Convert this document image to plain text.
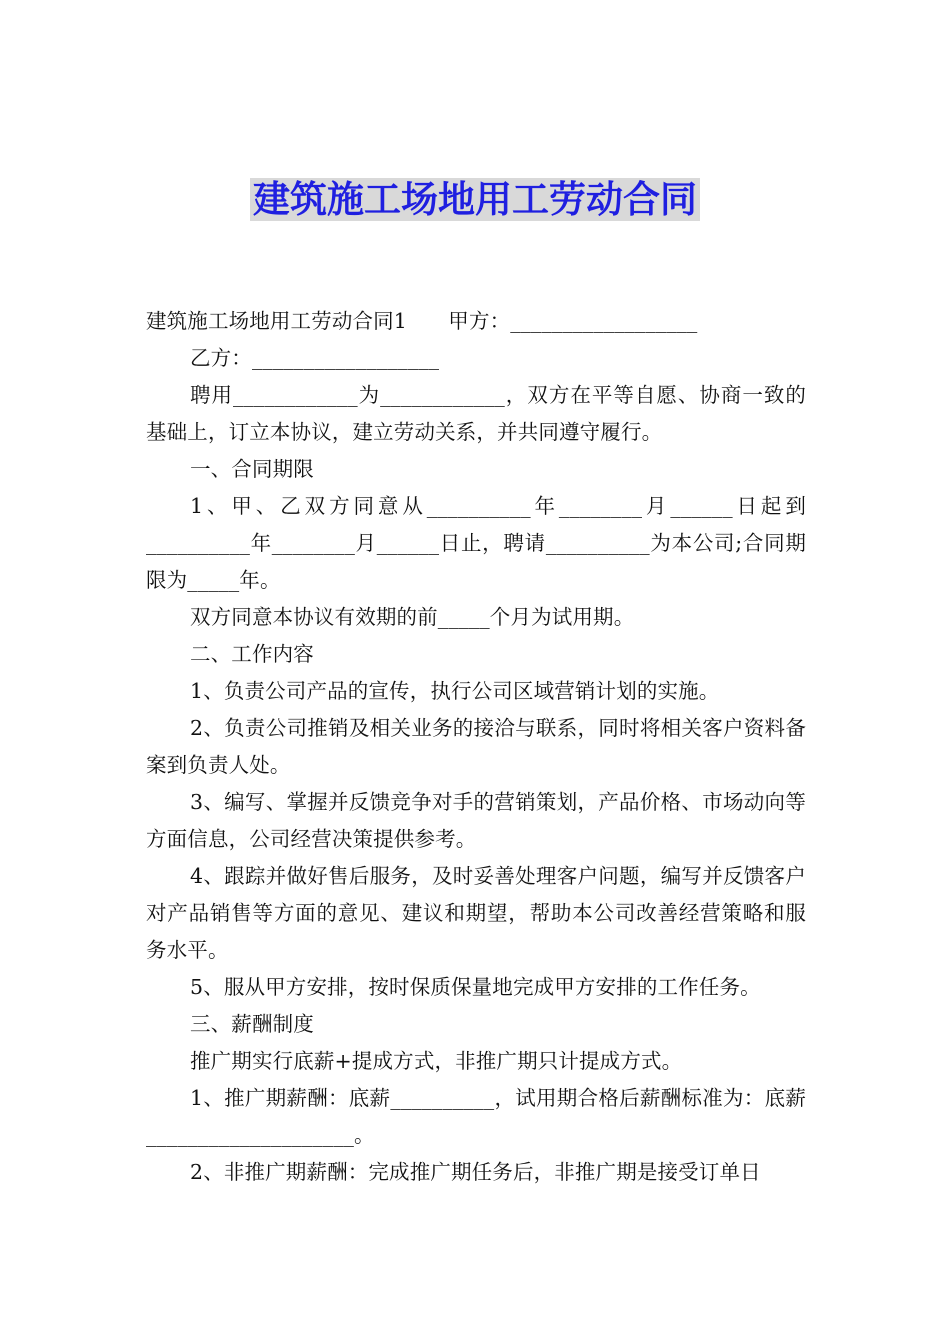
建筑施工场地用工劳动合同

建筑施工场地用工劳动合同1　　甲方：__________________

乙方：__________________

聘用____________为____________，双方在平等自愿、协商一致的基础上，订立本协议，建立劳动关系，并共同遵守履行。

一、合同期限

1、甲、乙双方同意从__________年________月______日起到__________年________月______日止，聘请__________为本公司;合同期限为_____年。

双方同意本协议有效期的前_____个月为试用期。

二、工作内容

1、负责公司产品的宣传，执行公司区域营销计划的实施。

2、负责公司推销及相关业务的接洽与联系，同时将相关客户资料备案到负责人处。

3、编写、掌握并反馈竞争对手的营销策划，产品价格、市场动向等方面信息，公司经营决策提供参考。

4、跟踪并做好售后服务，及时妥善处理客户问题，编写并反馈客户对产品销售等方面的意见、建议和期望，帮助本公司改善经营策略和服务水平。

5、服从甲方安排，按时保质保量地完成甲方安排的工作任务。

三、薪酬制度

推广期实行底薪+提成方式，非推广期只计提成方式。

1、推广期薪酬：底薪__________，试用期合格后薪酬标准为：底薪____________________。

2、非推广期薪酬：完成推广期任务后，非推广期是接受订单日
